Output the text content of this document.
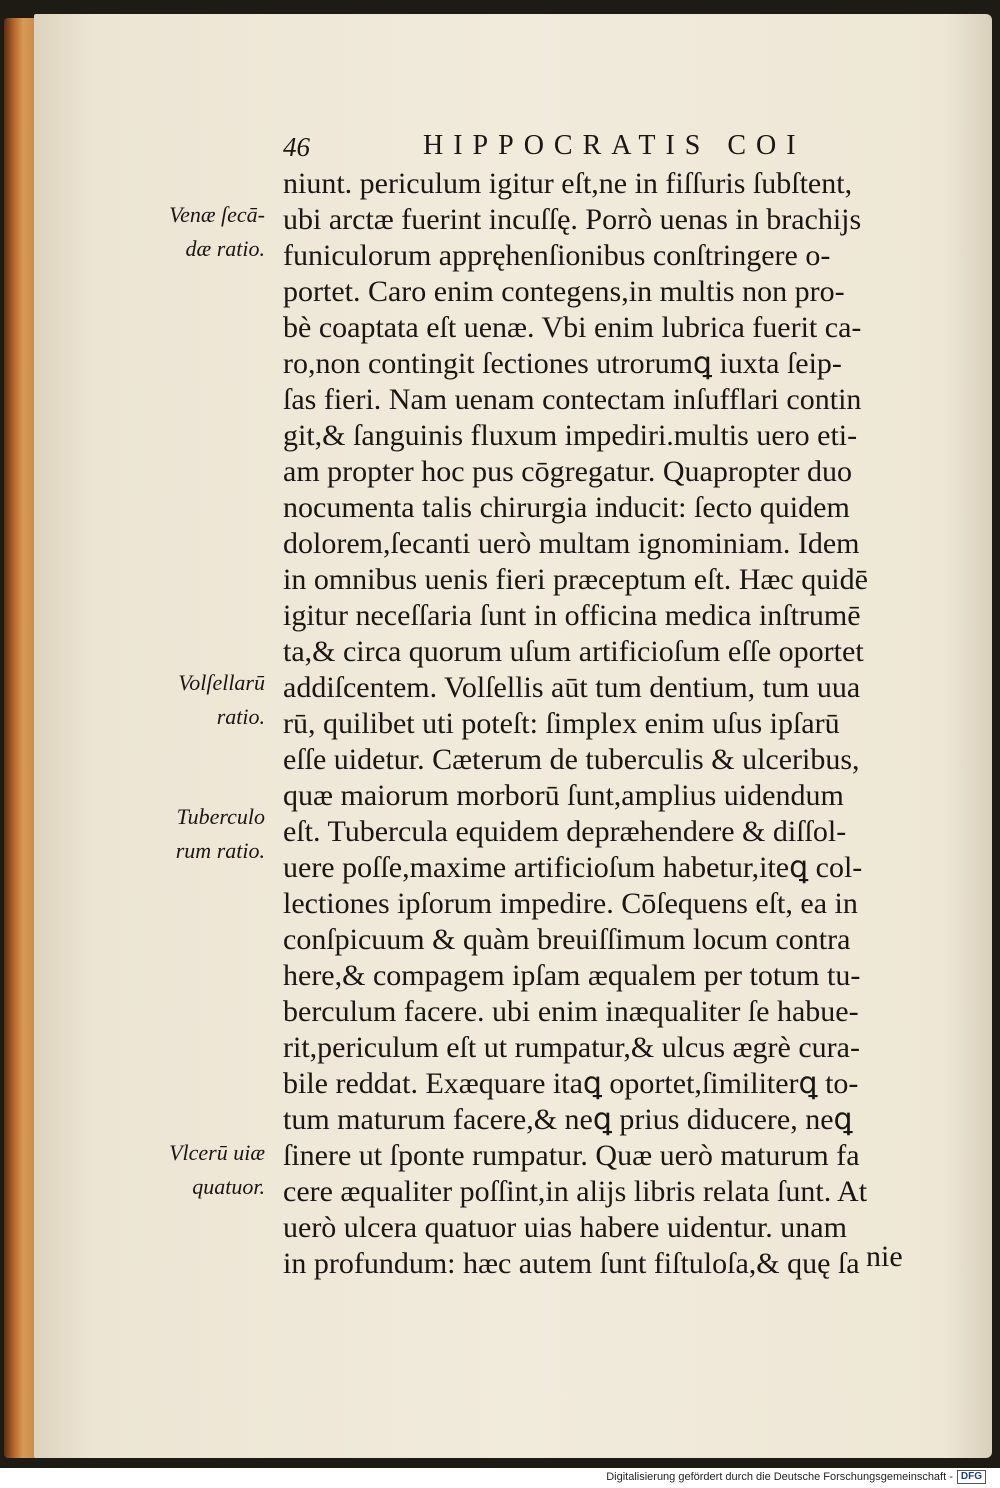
46	HIPPOCRATIS COI
Venæ ſecā-
dæ ratio.
Volſellarū
ratio.
Tuberculo
rum ratio.
Vlcerū uiæ
quatuor.
niunt. periculum igitur eſt,ne in fiſſuris ſubſtent,
ubi arctæ fuerint incuſſę. Porrò uenas in brachijs
funiculorum appręhenſionibus conſtringere o-
portet. Caro enim contegens,in multis non pro-
bè coaptata eſt uenæ. Vbi enim lubrica fuerit ca-
ro,non contingit ſectiones utrorumꝗ iuxta ſeip-
ſas fieri. Nam uenam contectam inſufflari contin
git,& ſanguinis fluxum impediri.multis uero eti-
am propter hoc pus cōgregatur. Quapropter duo
nocumenta talis chirurgia inducit: ſecto quidem
dolorem,ſecanti uerò multam ignominiam. Idem
in omnibus uenis fieri præceptum eſt. Hæc quidē
igitur neceſſaria ſunt in officina medica inſtrumē
ta,& circa quorum uſum artificioſum eſſe oportet
addiſcentem. Volſellis aūt tum dentium, tum uua
rū, quilibet uti poteſt: ſimplex enim uſus ipſarū
eſſe uidetur. Cæterum de tuberculis & ulceribus,
quæ maiorum morborū ſunt,amplius uidendum
eſt. Tubercula equidem depræhendere & diſſol-
uere poſſe,maxime artificioſum habetur,iteꝗ col-
lectiones ipſorum impedire. Cōſequens eſt, ea in
conſpicuum & quàm breuiſſimum locum contra
here,& compagem ipſam æqualem per totum tu-
berculum facere. ubi enim inæqualiter ſe habue-
rit,periculum eſt ut rumpatur,& ulcus ægrè cura-
bile reddat. Exæquare itaꝗ oportet,ſimiliterꝗ to-
tum maturum facere,& neꝗ prius diducere, neꝗ
ſinere ut ſponte rumpatur. Quæ uerò maturum fa
cere æqualiter poſſint,in alijs libris relata ſunt. At
uerò ulcera quatuor uias habere uidentur. unam
in profundum: hæc autem ſunt fiſtuloſa,& quę ſa nie
Digitalisierung gefördert durch die Deutsche Forschungsgemeinschaft - DFG
